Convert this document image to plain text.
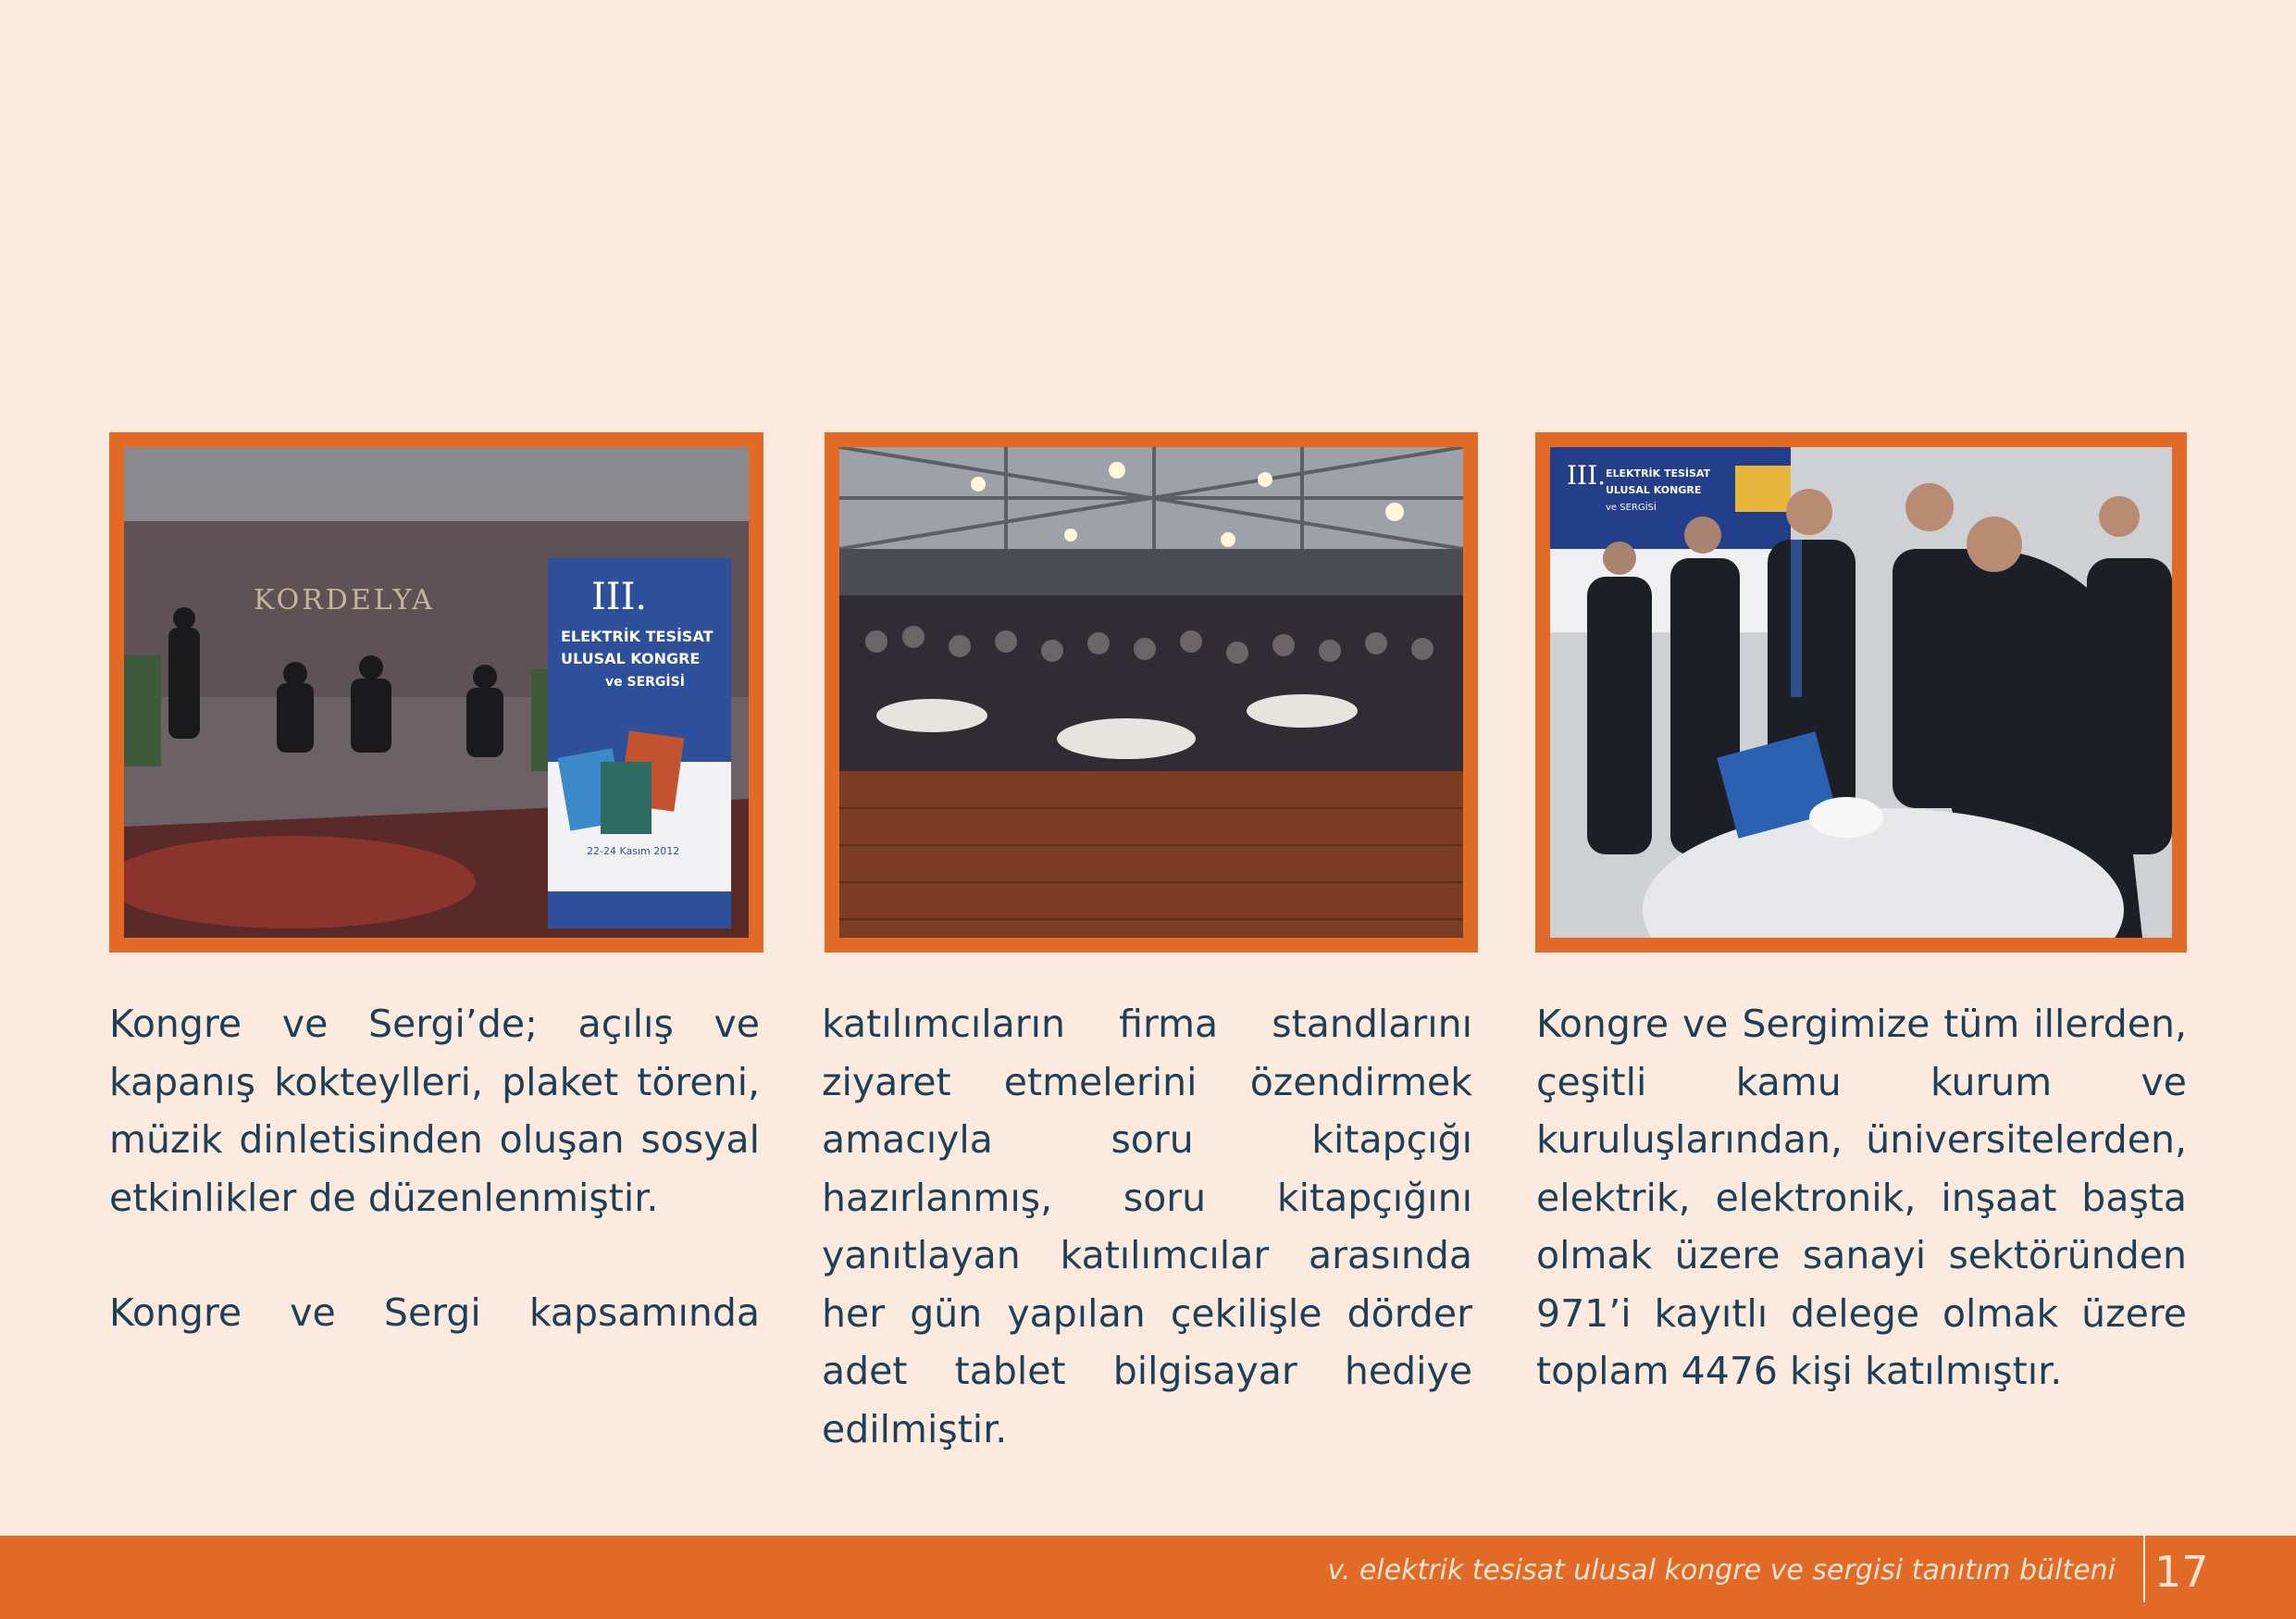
KORDELYA	III.
ELEKTRİK TESİSAT
ULUSAL KONGRE
ve SERGİSİ
22-24 Kasım 2012
III. ELEKTRİK TESİSAT
ULUSAL KONGRE
ve SERGİSİ

Kongre ve Sergi’de; açılış ve kapanış kokteylleri, plaket töreni, müzik dinletisinden oluşan sosyal etkinlikler de düzenlenmiştir.

Kongre ve Sergi kapsamında

katılımcıların firma standlarını ziyaret etmelerini özendirmek amacıyla soru kitapçığı hazırlanmış, soru kitapçığını yanıtlayan katılımcılar arasında her gün yapılan çekilişle dörder adet tablet bilgisayar hediye edilmiştir.

Kongre ve Sergimize tüm illerden, çeşitli kamu kurum ve kuruluşlarından, üniversitelerden, elektrik, elektronik, inşaat başta olmak üzere sanayi sektöründen 971’i kayıtlı delege olmak üzere toplam 4476 kişi katılmıştır.

v. elektrik tesisat ulusal kongre ve sergisi tanıtım bülteni 17
